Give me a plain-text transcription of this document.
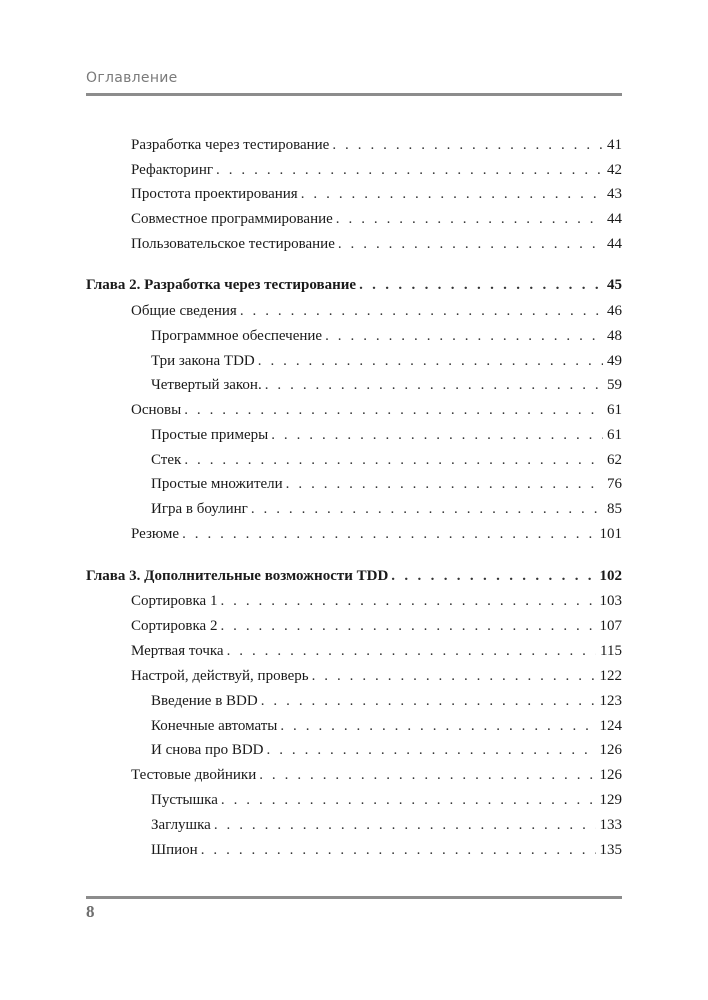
Оглавление
Разработка через тестирование . . .	41
Рефакторинг . . .	42
Простота проектирования . . .	43
Совместное программирование . . .	44
Пользовательское тестирование . . .	44
Глава 2. Разработка через тестирование . . .	45
Общие сведения . . .	46
Программное обеспечение . . .	48
Три закона TDD . . .	49
Четвертый закон. . . .	59
Основы . . .	61
Простые примеры . . .	61
Стек . . .	62
Простые множители . . .	76
Игра в боулинг . . .	85
Резюме . . .	101
Глава 3. Дополнительные возможности TDD . . .	102
Сортировка 1 . . .	103
Сортировка 2 . . .	107
Мертвая точка . . .	115
Настрой, действуй, проверь . . .	122
Введение в BDD . . .	123
Конечные автоматы . . .	124
И снова про BDD . . .	126
Тестовые двойники . . .	126
Пустышка . . .	129
Заглушка . . .	133
Шпион . . .	135
8
